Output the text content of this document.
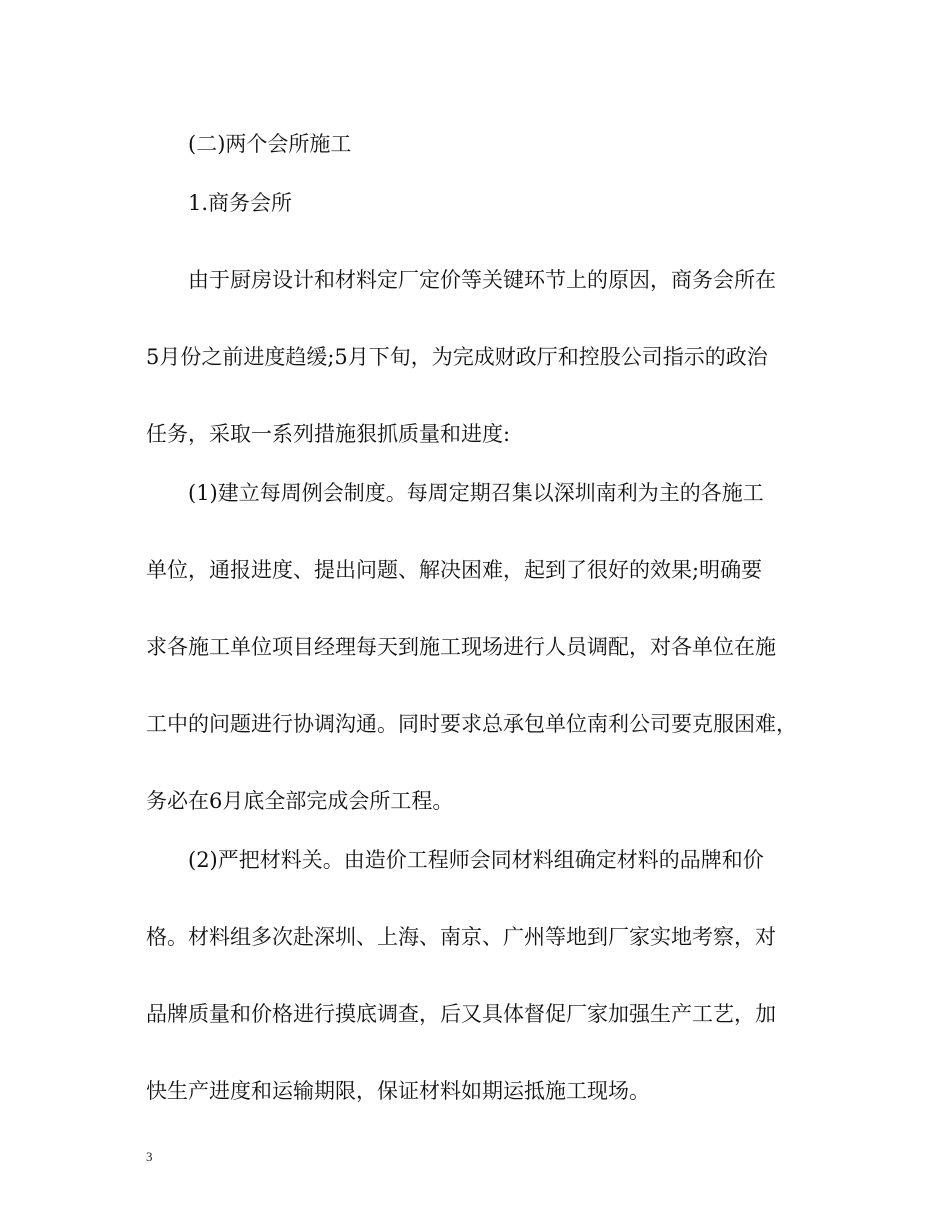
(二)两个会所施工

1.商务会所

由于厨房设计和材料定厂定价等关键环节上的原因，商务会所在

5月份之前进度趋缓;5月下旬，为完成财政厅和控股公司指示的政治

任务，采取一系列措施狠抓质量和进度:

(1)建立每周例会制度。每周定期召集以深圳南利为主的各施工

单位，通报进度、提出问题、解决困难，起到了很好的效果;明确要

求各施工单位项目经理每天到施工现场进行人员调配，对各单位在施

工中的问题进行协调沟通。同时要求总承包单位南利公司要克服困难，

务必在6月底全部完成会所工程。

(2)严把材料关。由造价工程师会同材料组确定材料的品牌和价

格。材料组多次赴深圳、上海、南京、广州等地到厂家实地考察，对

品牌质量和价格进行摸底调查，后又具体督促厂家加强生产工艺，加

快生产进度和运输期限，保证材料如期运抵施工现场。

3
